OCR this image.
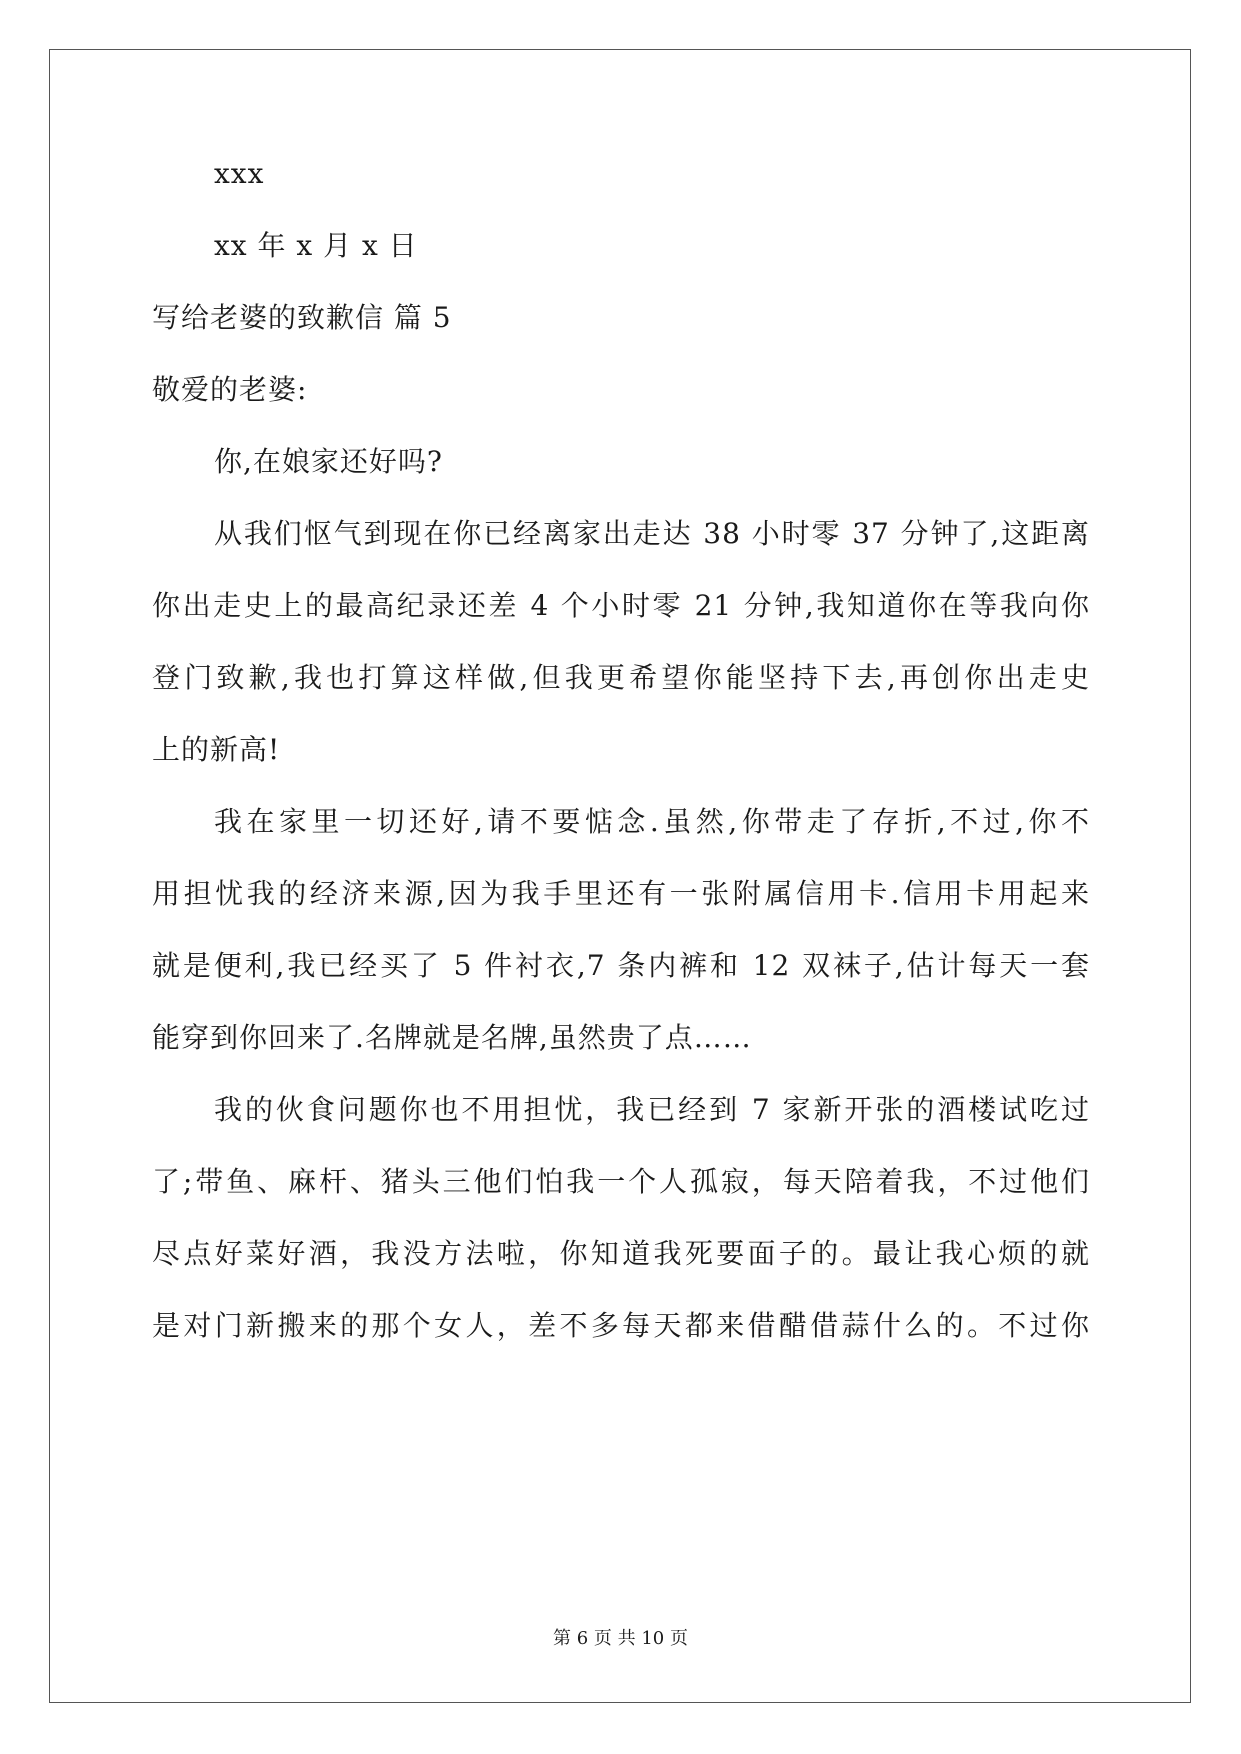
xxx
xx 年 x 月 x 日
写给老婆的致歉信 篇 5
敬爱的老婆:
你,在娘家还好吗?
从我们怄气到现在你已经离家出走达 38 小时零 37 分钟了,这距离
你出走史上的最高纪录还差 4 个小时零 21 分钟,我知道你在等我向你
登门致歉,我也打算这样做,但我更希望你能坚持下去,再创你出走史
上的新高!
我在家里一切还好,请不要惦念.虽然,你带走了存折,不过,你不
用担忧我的经济来源,因为我手里还有一张附属信用卡.信用卡用起来
就是便利,我已经买了 5 件衬衣,7 条内裤和 12 双袜子,估计每天一套
能穿到你回来了.名牌就是名牌,虽然贵了点……
我的伙食问题你也不用担忧，我已经到 7 家新开张的酒楼试吃过
了;带鱼、麻杆、猪头三他们怕我一个人孤寂，每天陪着我，不过他们
尽点好菜好酒，我没方法啦，你知道我死要面子的。最让我心烦的就
是对门新搬来的那个女人，差不多每天都来借醋借蒜什么的。不过你
第 6 页 共 10 页
